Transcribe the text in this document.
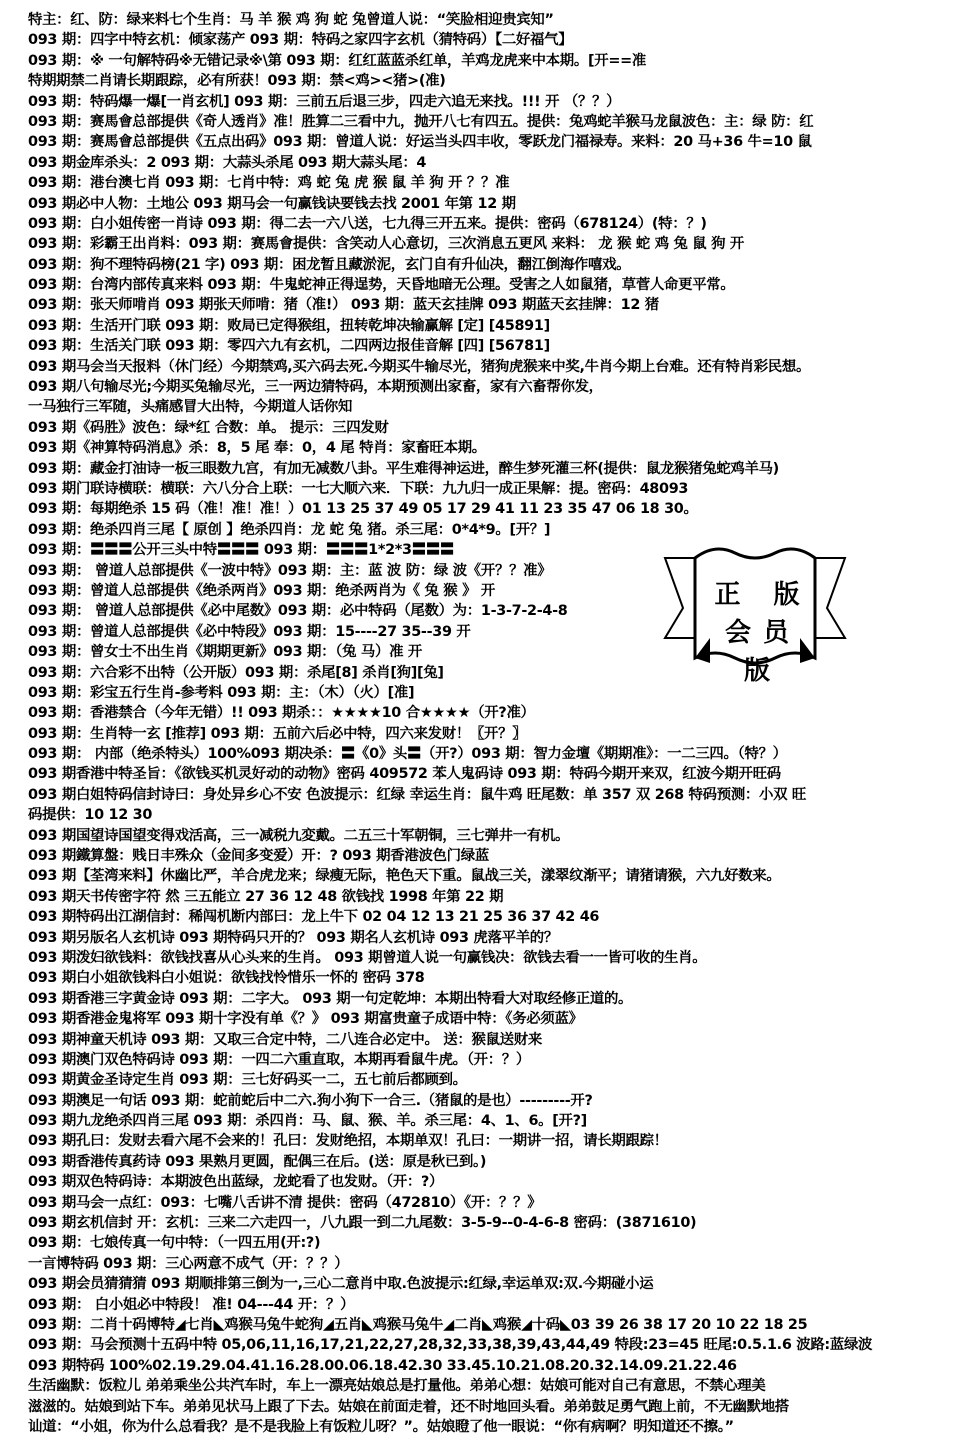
特主：红、防：绿来料七个生肖：马 羊 猴 鸡 狗 蛇 兔曾道人说：“笑脸相迎贵宾知”
093 期：四字中特玄机：倾家荡产 093 期：特码之家四字玄机（猜特码）【二好福气】
093 期：※ 一句解特码※无错记录※\第 093 期：红红蓝蓝杀红单，羊鸡龙虎来中本期。[开==准
特期期禁二肖请长期跟踪，必有所获！093 期：禁<鸡><猪>(准)
093 期：特码爆一爆[一肖玄机] 093 期：三前五后退三步，四走六追无来找。!!! 开 （？？）
093 期：赛馬會总部提供《奇人透肖》准！胜算二三看中九，抛开八七有四五。提供：兔鸡蛇羊猴马龙鼠波色：主：绿 防：红
093 期：赛馬會总部提供《五点出码》093 期：曾道人说：好运当头四丰收，零跃龙门福禄寿。来料：20 马+36 牛=10 鼠
093 期金库杀头：2 093 期：大蒜头杀尾 093 期大蒜头尾：4
093 期：港台澳七肖 093 期：七肖中特：鸡 蛇 兔 虎 猴 鼠 羊 狗 开 ？？准
093 期必中人物：土地公 093 期马会一句赢钱诀要钱去找 2001 年第 12 期
093 期：白小姐传密一肖诗 093 期：得二去一六八送，七九得三开五来。提供：密码（678124）(特：？)
093 期：彩霸王出肖料：093 期：赛馬會提供：含笑动人心意切，三次消息五更风 来料： 龙 猴 蛇 鸡 兔 鼠 狗 开
093 期：狗不理特码榜(21 字) 093 期：困龙暂且藏淤泥，玄门自有升仙决，翻江倒海作嘻戏。
093 期：台湾内部传真来料 093 期：牛鬼蛇神正得逞势，天昏地暗无公理。受害之人如鼠猪，草菅人命更平常。
093 期：张天师啃肖 093 期张天师啃：猪（准!） 093 期：蓝天玄挂牌 093 期蓝天玄挂牌：12 猪
093 期：生活开门联 093 期：败局已定得猴组，扭转乾坤决输赢解 [定] [45891]
093 期：生活关门联 093 期：零四六九有玄机，二四两边报佳音解 [四] [56781]
093 期马会当天报料（休门经）今期禁鸡,买六码去死.今期买牛输尽光，猪狗虎猴来中奖,牛肖今期上台难。还有特肖彩民想。
093 期八句输尽光;今期买兔输尽光，三一两边猜特码，本期预测出家畜，家有六畜帮你发，
一马独行三军随，头痛感冒大出特，今期道人话你知
093 期《码胜》波色：绿*红 合数：单。 提示：三四发财
093 期《神算特码消息》杀：8，5 尾 奉：0，4 尾 特肖：家畜旺本期。
093 期：藏金打油诗一板三眼数九宫，有加无减数八卦。平生难得神运进，醉生梦死灌三杯(提供：鼠龙猴猪兔蛇鸡羊马)
093 期门联诗横联：横联：六八分合上联：一七大顺六来．下联：九九归一成正果解：提。密码：48093
093 期：每期绝杀 15 码（准！准！准！）01 13 25 37 49 05 17 29 41 11 23 35 47 06 18 30。
093 期：绝杀四肖三尾【 原创 】绝杀四肖：龙 蛇 兔 猪。杀三尾：0*4*9。[开？]
093 期：〓〓〓公开三头中特〓〓〓 093 期：〓〓〓1*2*3〓〓〓
093 期： 曾道人总部提供《一波中特》093 期：主：蓝 波 防：绿 波《开？？准》
093 期：曾道人总部提供《绝杀两肖》093 期：绝杀两肖为《 兔 猴 》 开
093 期： 曾道人总部提供《必中尾数》093 期：必中特码（尾数）为：1-3-7-2-4-8
093 期：曾道人总部提供《必中特段》093 期：15----27 35--39 开
093 期：曾女士不出生肖《期期更新》093 期：（兔 马）准 开
093 期：六合彩不出特（公开版）093 期：杀尾[8] 杀肖[狗][兔]
093 期：彩宝五行生肖-参考料 093 期：主：（木）（火）[准]
093 期：香港禁合（今年无错）!! 093 期杀：：★★★★10 合★★★★（开?准）
093 期：生肖特一玄 [推荐] 093 期：五前六后必中特，四六来发财！〖开？〗
093 期： 内部（绝杀特头）100%093 期决杀：〓《0》头〓（开?）093 期：智力金壇《期期准》：一二三四。（特？）
093 期香港中特圣旨：《欲钱买机灵好动的动物》密码 409572 苯人鬼码诗 093 期：特码今期开来双，红波今期开旺码
093 期白姐特码信封诗曰：身处异乡心不安 色波提示：红绿 幸运生肖：鼠牛鸡 旺尾数：单 357 双 268 特码预测：小双 旺
码提供：10 12 30
093 期国望诗国望变得戏活高，三一减税九変戴。二五三十军朝铜，三七弹井一有机。
093 期鐵算盤：贱日丰殊众（金间多变爱）开：? 093 期香港波色门绿蓝
093 期【荃湾来料】休幽比严，羊合虎龙来；绿瘦无际，艳色天下重。鼠战三关，漾翠纹渐平；请猪请猴，六九好数来。
093 期天书传密字符 然 三五能立 27 36 12 48 欲钱找 1998 年第 22 期
093 期特码出江湖信封：稀闯机断内部曰：龙上牛下 02 04 12 13 21 25 36 37 42 46
093 期另版名人玄机诗 093 期特码只开的？ 093 期名人玄机诗 093 虎落平羊的？
093 期泼妇欲钱料：欲钱找喜从心头来的生肖。 093 期曾道人说一句赢钱决：欲钱去看一一皆可收的生肖。
093 期白小姐欲钱料白小姐说：欲钱找怜惜乐一怀的 密码 378
093 期香港三字黄金诗 093 期：二字大。 093 期一句定乾坤：本期出特看大对取经修正道的。
093 期香港金鬼将军 093 期十字没有单《？》 093 期富贵童子成语中特：《务必须蓝》
093 期神童天机诗 093 期：又取三合定中特，二八连合必定中。 送：猴鼠送财来
093 期澳门双色特码诗 093 期：一四二六重直取，本期再看鼠牛虎。（开：？）
093 期黄金圣诗定生肖 093 期：三七好码买一二，五七前后都顾到。
093 期澳足一句话 093 期：蛇前蛇后中二六.狗小狗下一合三.（猪鼠的是也）---------开?
093 期九龙绝杀四肖三尾 093 期：杀四肖：马、鼠、猴、羊。杀三尾：4、1、6。[开?]
093 期孔曰：发财去看六尾不会来的！孔曰：发财绝招，本期单双！孔曰：一期讲一招，请长期跟踪！
093 期香港传真药诗 093 果熟月更圆，配偶三在后。(送：原是秋已到。)
093 期双色特码诗：本期波色出蓝绿，龙蛇看了也发财。（开：?）
093 期马会一点红：093：七嘴八舌讲不清 提供：密码（472810）《开：？？》
093 期玄机信封 开：玄机：三来二六走四一，八九跟一到二九尾数：3-5-9--0-4-6-8 密码：(3871610)
093 期：七娘传真一句中特：（一四五用(开:?)
一言博特码 093 期：三心两意不成气（开：？？）
093 期会员猜猜猜 093 期顺排第三倒为一,三心二意肖中取.色波提示:红绿,幸运单双:双.今期碰小运
093 期： 白小姐必中特段！ 准! 04---44 开：？）
093 期：二肖十码博特◢七肖◣鸡猴马兔牛蛇狗◢五肖◣鸡猴马兔牛◢二肖◣鸡猴◢十码◣03 39 26 38 17 20 10 22 18 25
093 期：马会预测十五码中特 05,06,11,16,17,21,22,27,28,32,33,38,39,43,44,49 特段:23=45 旺尾:0.5.1.6 波路:蓝绿波
093 期特码 100%02.19.29.04.41.16.28.00.06.18.42.30 33.45.10.21.08.20.32.14.09.21.22.46
生活幽默：饭粒儿 弟弟乘坐公共汽车时，车上一漂亮姑娘总是打量他。弟弟心想：姑娘可能对自己有意思，不禁心理美
滋滋的。姑娘到站下车。弟弟见状马上跟了下去。姑娘在前面走着，还不时地回头看。弟弟鼓足勇气跑上前，不无幽默地搭
讪道：“小姐，你为什么总看我？是不是我脸上有饭粒儿呀？”。姑娘瞪了他一眼说：“你有病啊？明知道还不擦。”
正 版
会员版
